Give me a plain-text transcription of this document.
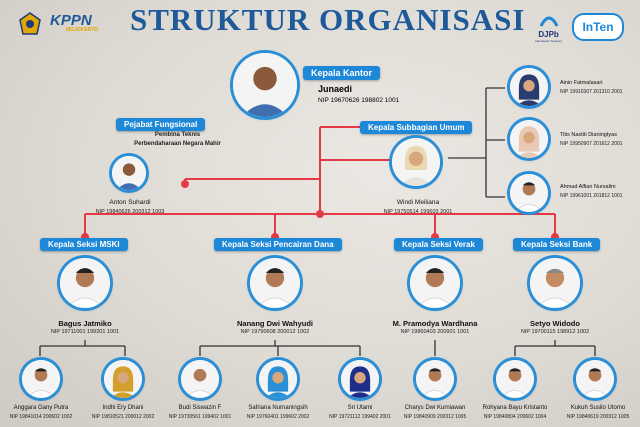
KPPN
MOJOKERTO STRUKTUR ORGANISASI	DJPb
Indonesian Treasury
InTen
Kepala Kantor
Junaedi
NIP 19670626 198802 1001
Pejabat Fungsional
Pembina Teknis
Perbendaharaan Negara Mahir
Anton Suhardi
NIP 19840626 200312 1003
Kepala Subbagian Umum
Windi Meiliana
NIP 19750514 199603 2001
Ainin Fatmalasari
NIP 19910307 201310 2001
Titis Nastiti Dianingtyas
NIP 19950907 201612 2001
Ahmad Alfian Nursalim
NIP 19961001 201812 1001
Kepala Seksi MSKI
Bagus Jatmiko
NIP 19711001 199201 1001
Kepala Seksi Pencairan Dana
Nanang Dwi Wahyudi
NIP 19790608 200012 1002
Kepala Seksi Verak
M. Pramodya Wardhana
NIP 19860403 200901 1001
Kepala Seksi Bank
Setyo Widodo
NIP 19700115 198912 1002
Anggara Gany Putra
NIP 19841014 200602 1002
Indhi Ery Dhani
NIP 19810521 200012 2002
Budi Siswazin F
NIP 19730561 199402 1001
Safriana Nurnaningsih
NIP 19760401 199602 2002
Sri Utami
NIP 19721112 199402 2001
Charys Dwi Kurniawan
NIP 19840909 200312 1005
Rohyana Bayu Kristanto
NIP 19840804 200602 1004
Kukuh Susilo Utomo
NIP 19840619 200312 1005
